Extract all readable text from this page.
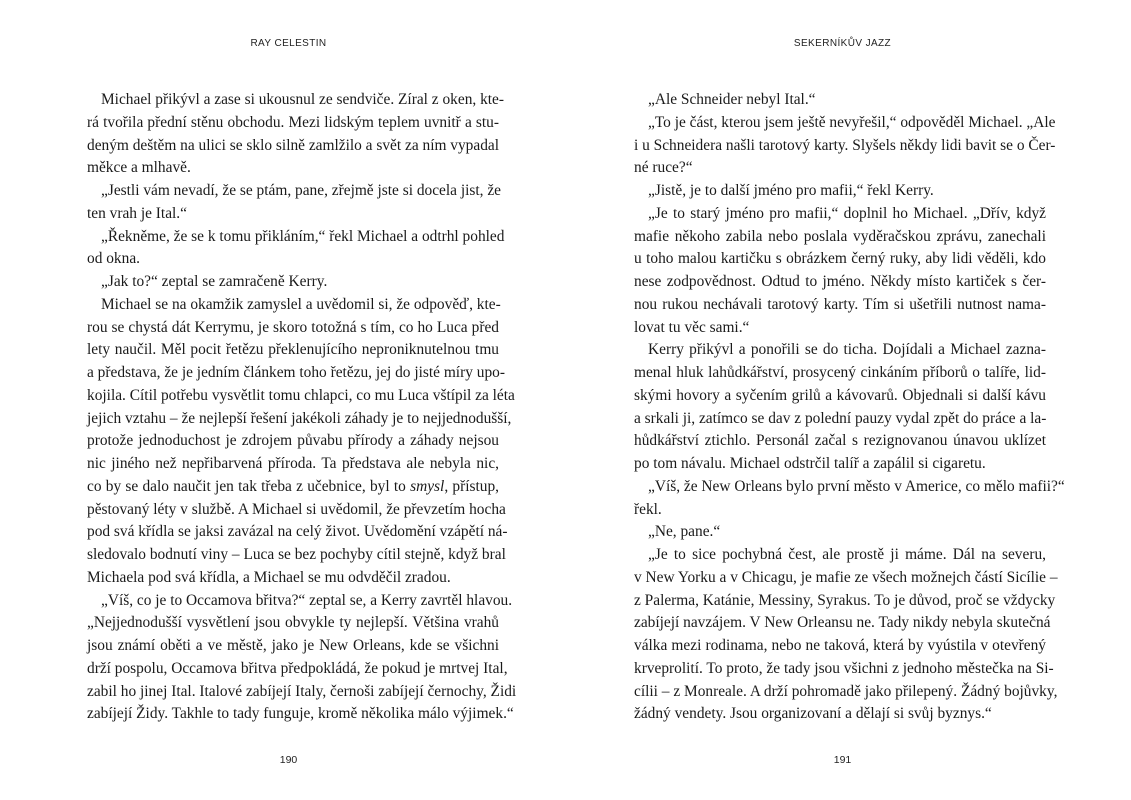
RAY CELESTIN
Michael přikývl a zase si ukousnul ze sendviče. Zíral z oken, kte-
rá tvořila přední stěnu obchodu. Mezi lidským teplem uvnitř a stu-
deným deštěm na ulici se sklo silně zamlžilo a svět za ním vypadal
měkce a mlhavě.
„Jestli vám nevadí, že se ptám, pane, zřejmě jste si docela jist, že
ten vrah je Ital.“
„Řekněme, že se k tomu přikláním,“ řekl Michael a odtrhl pohled
od okna.
„Jak to?“ zeptal se zamračeně Kerry.
Michael se na okamžik zamyslel a uvědomil si, že odpověď, kte-
rou se chystá dát Kerrymu, je skoro totožná s tím, co ho Luca před
lety naučil. Měl pocit řetězu překlenujícího neproniknutelnou tmu
a představa, že je jedním článkem toho řetězu, jej do jisté míry upo-
kojila. Cítil potřebu vysvětlit tomu chlapci, co mu Luca vštípil za léta
jejich vztahu – že nejlepší řešení jakékoli záhady je to nejjednodušší,
protože jednoduchost je zdrojem půvabu přírody a záhady nejsou
nic jiného než nepřibarvená příroda. Ta představa ale nebyla nic,
co by se dalo naučit jen tak třeba z učebnice, byl to smysl, přístup,
pěstovaný léty v službě. A Michael si uvědomil, že převzetím hocha
pod svá křídla se jaksi zavázal na celý život. Uvědomění vzápětí ná-
sledovalo bodnutí viny – Luca se bez pochyby cítil stejně, když bral
Michaela pod svá křídla, a Michael se mu odvděčil zradou.
„Víš, co je to Occamova břitva?“ zeptal se, a Kerry zavrtěl hlavou.
„Nejjednodušší vysvětlení jsou obvykle ty nejlepší. Většina vrahů
jsou známí oběti a ve městě, jako je New Orleans, kde se všichni
drží pospolu, Occamova břitva předpokládá, že pokud je mrtvej Ital,
zabil ho jinej Ital. Italové zabíjejí Italy, černoši zabíjejí černochy, Židi
zabíjejí Židy. Takhle to tady funguje, kromě několika málo výjimek.“
190
SEKERNÍKŮV JAZZ
„Ale Schneider nebyl Ital.“
„To je část, kterou jsem ještě nevyřešil,“ odpověděl Michael. „Ale
i u Schneidera našli tarotový karty. Slyšels někdy lidi bavit se o Čer-
né ruce?“
„Jistě, je to další jméno pro mafii,“ řekl Kerry.
„Je to starý jméno pro mafii,“ doplnil ho Michael. „Dřív, když
mafie někoho zabila nebo poslala vyděračskou zprávu, zanechali
u toho malou kartičku s obrázkem černý ruky, aby lidi věděli, kdo
nese zodpovědnost. Odtud to jméno. Někdy místo kartiček s čer-
nou rukou nechávali tarotový karty. Tím si ušetřili nutnost nama-
lovat tu věc sami.“
Kerry přikývl a ponořili se do ticha. Dojídali a Michael zazna-
menal hluk lahůdkářství, prosycený cinkáním příborů o talíře, lid-
skými hovory a syčením grilů a kávovarů. Objednali si další kávu
a srkali ji, zatímco se dav z polední pauzy vydal zpět do práce a la-
hůdkářství ztichlo. Personál začal s rezignovanou únavou uklízet
po tom návalu. Michael odstrčil talíř a zapálil si cigaretu.
„Víš, že New Orleans bylo první město v Americe, co mělo mafii?“
řekl.
„Ne, pane.“
„Je to sice pochybná čest, ale prostě ji máme. Dál na severu,
v New Yorku a v Chicagu, je mafie ze všech možnejch částí Sicílie –
z Palerma, Katánie, Messiny, Syrakus. To je důvod, proč se vždycky
zabíjejí navzájem. V New Orleansu ne. Tady nikdy nebyla skutečná
válka mezi rodinama, nebo ne taková, která by vyústila v otevřený
krveprolití. To proto, že tady jsou všichni z jednoho městečka na Si-
cílii – z Monreale. A drží pohromadě jako přilepený. Žádný bojůvky,
žádný vendety. Jsou organizovaní a dělají si svůj byznys.“
191
